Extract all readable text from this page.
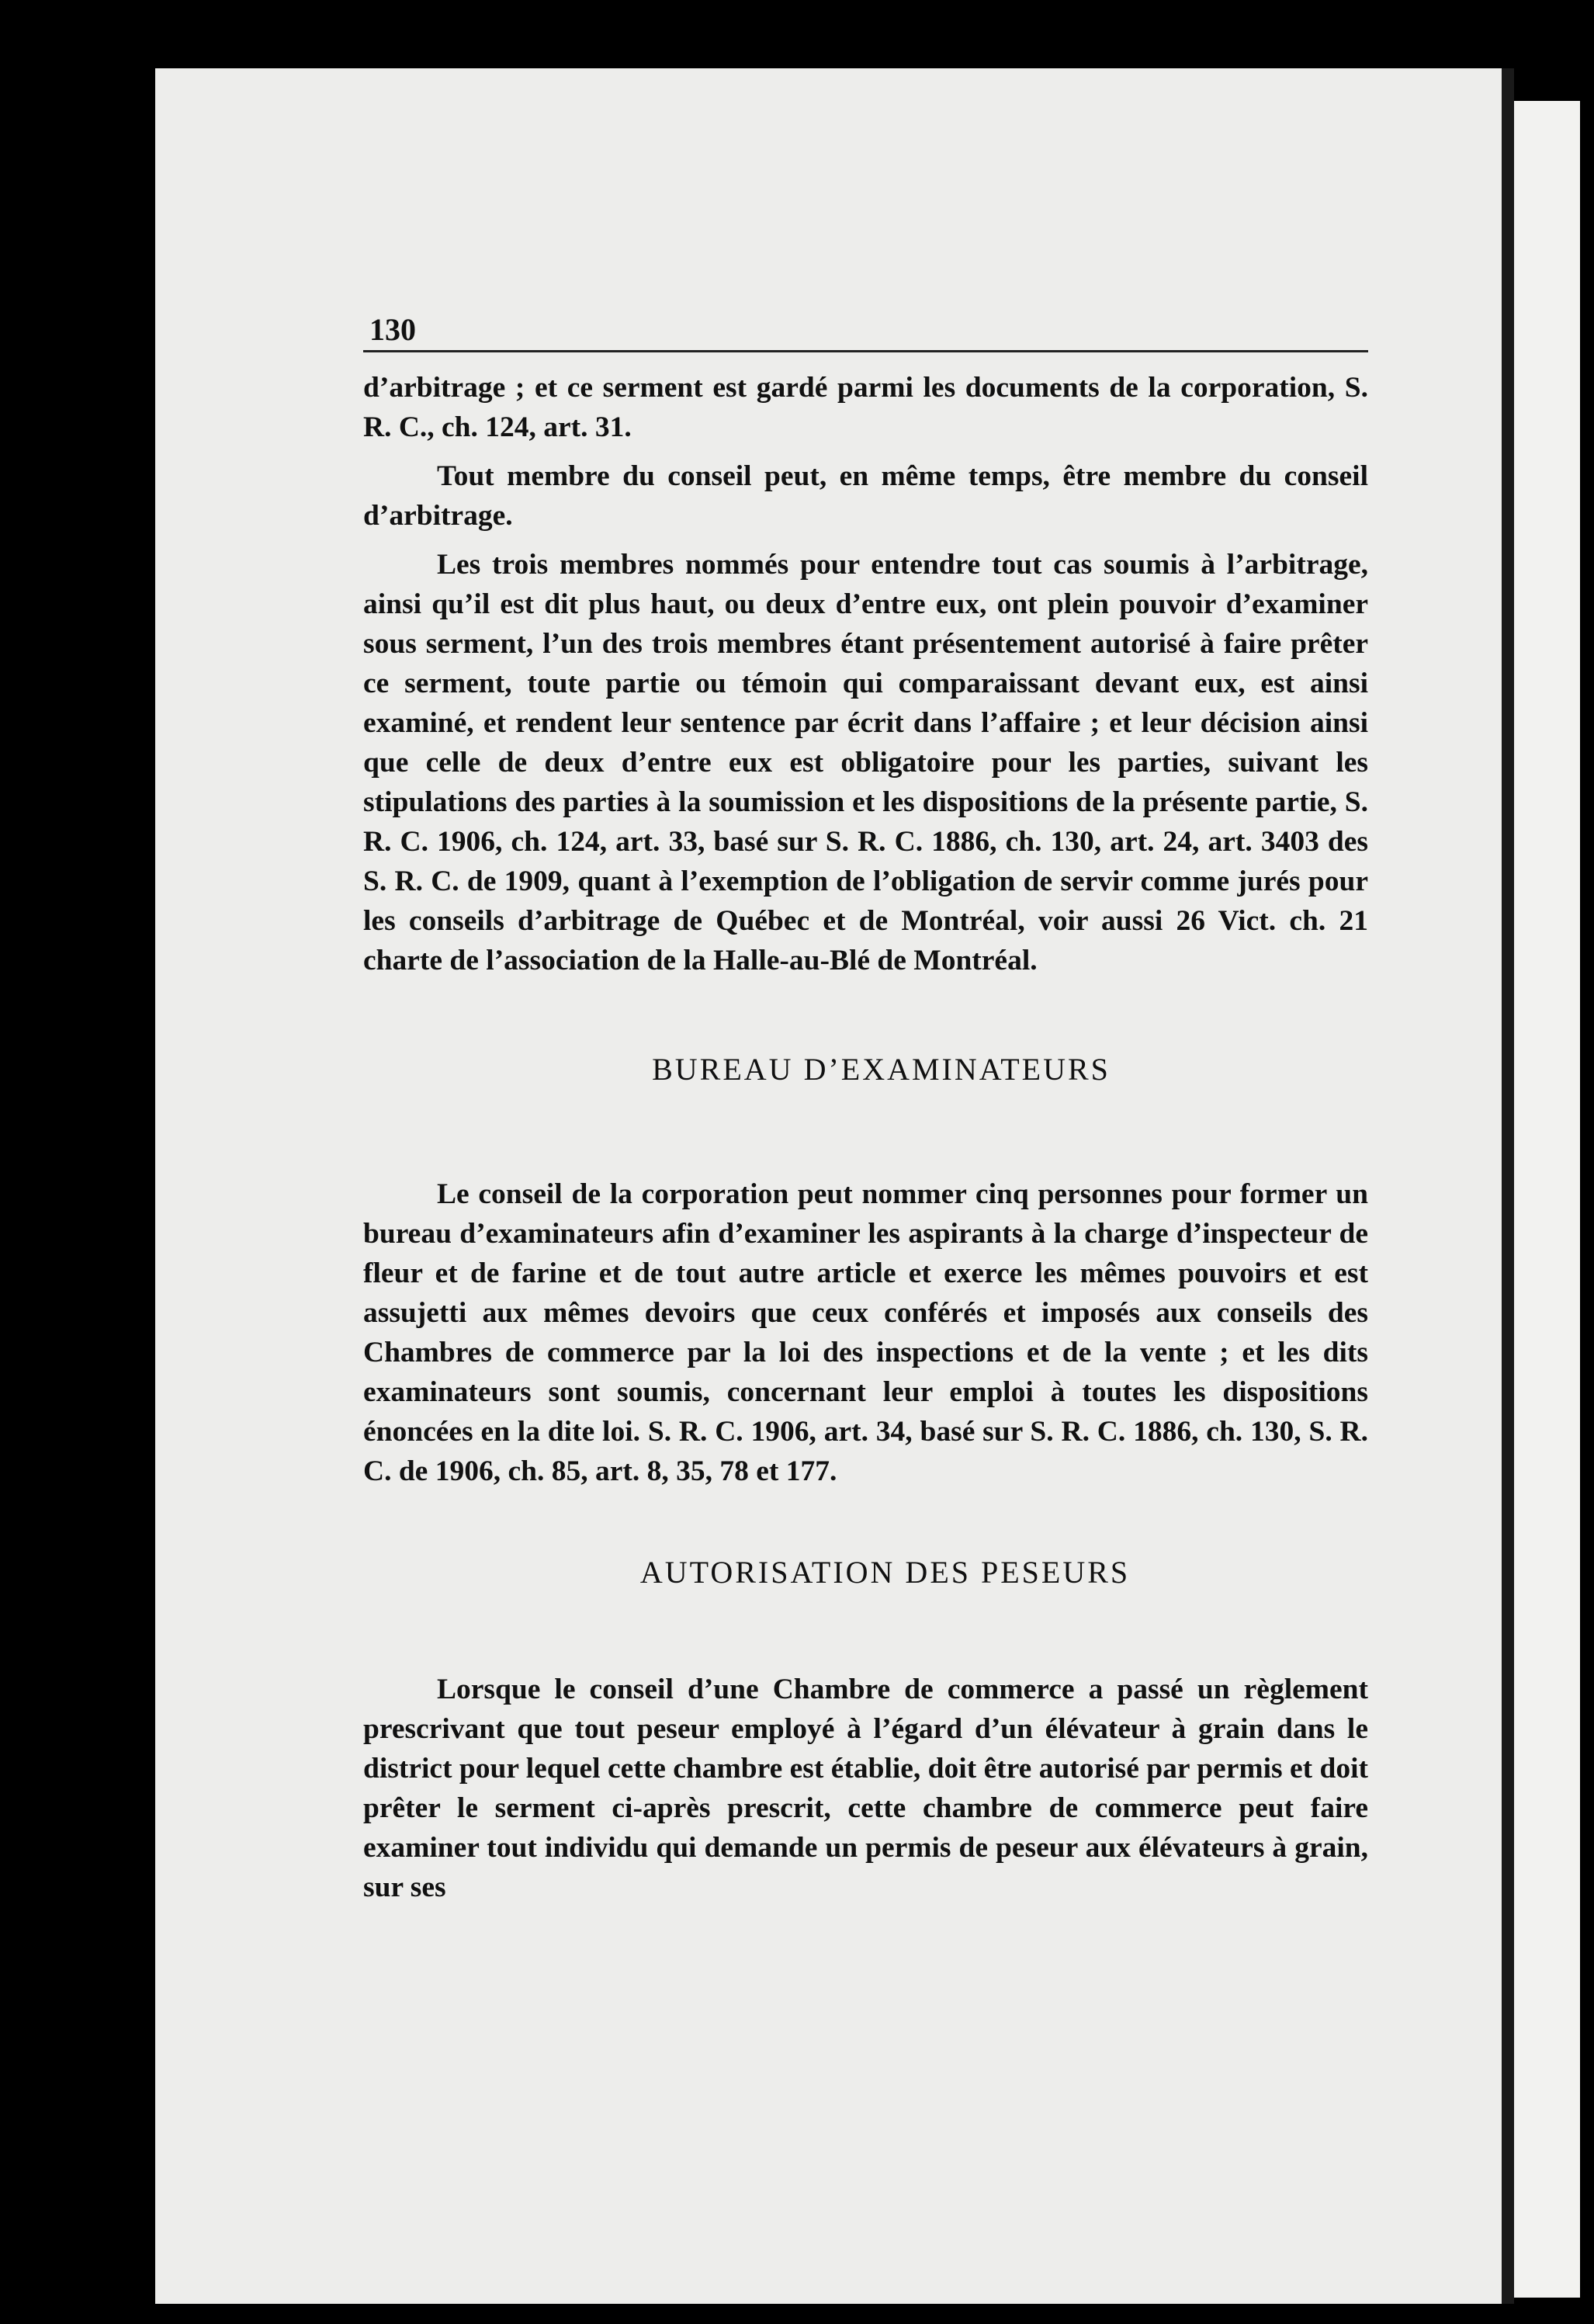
130

d’arbitrage ; et ce serment est gardé parmi les documents de la corporation, S. R. C., ch. 124, art. 31.

Tout membre du conseil peut, en même temps, être membre du conseil d’arbitrage.

Les trois membres nommés pour entendre tout cas soumis à l’arbitrage, ainsi qu’il est dit plus haut, ou deux d’entre eux, ont plein pouvoir d’examiner sous serment, l’un des trois membres étant présentement autorisé à faire prêter ce serment, toute partie ou témoin qui comparaissant devant eux, est ainsi examiné, et rendent leur sentence par écrit dans l’affaire ; et leur décision ainsi que celle de deux d’entre eux est obligatoire pour les parties, suivant les stipulations des parties à la soumission et les dispositions de la présente partie, S. R. C. 1906, ch. 124, art. 33, basé sur S. R. C. 1886, ch. 130, art. 24, art. 3403 des S. R. C. de 1909, quant à l’exemption de l’obligation de servir comme jurés pour les conseils d’arbitrage de Québec et de Montréal, voir aussi 26 Vict. ch. 21 charte de l’association de la Halle-au-Blé de Montréal.

BUREAU D’EXAMINATEURS

Le conseil de la corporation peut nommer cinq personnes pour former un bureau d’examinateurs afin d’examiner les aspirants à la charge d’inspecteur de fleur et de farine et de tout autre article et exerce les mêmes pouvoirs et est assujetti aux mêmes devoirs que ceux conférés et imposés aux conseils des Chambres de commerce par la loi des inspections et de la vente ; et les dits examinateurs sont soumis, concernant leur emploi à toutes les dispositions énoncées en la dite loi. S. R. C. 1906, art. 34, basé sur S. R. C. 1886, ch. 130, S. R. C. de 1906, ch. 85, art. 8, 35, 78 et 177.

AUTORISATION DES PESEURS

Lorsque le conseil d’une Chambre de commerce a passé un règlement prescrivant que tout peseur employé à l’égard d’un élévateur à grain dans le district pour lequel cette chambre est établie, doit être autorisé par permis et doit prêter le serment ci-après prescrit, cette chambre de commerce peut faire examiner tout individu qui demande un permis de peseur aux élévateurs à grain, sur ses
